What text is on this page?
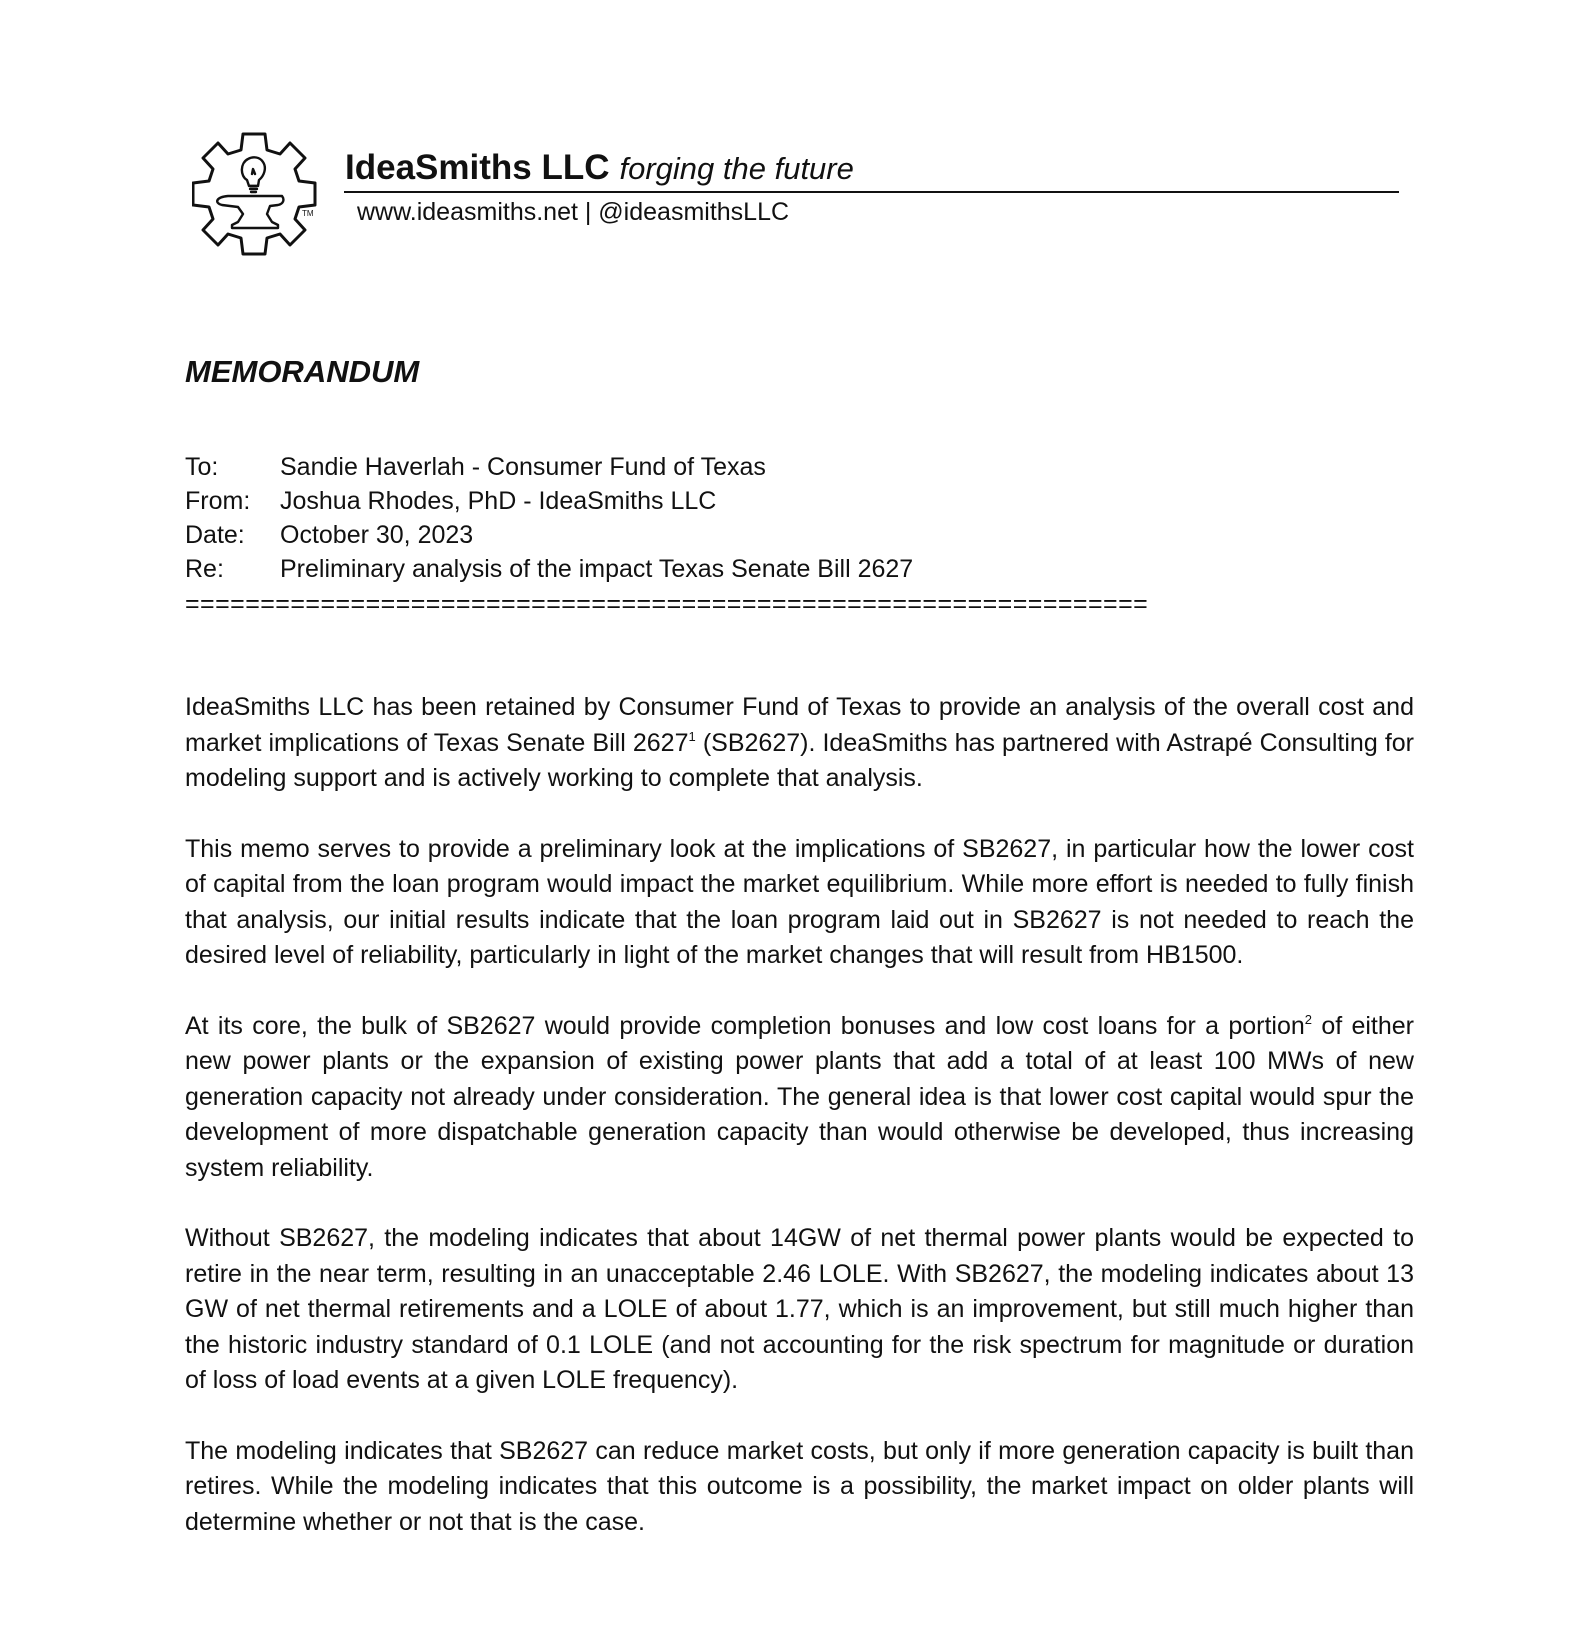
TM
IdeaSmiths LLC forging the future
www.ideasmiths.net | @ideasmithsLLC
MEMORANDUM
To:	Sandie Haverlah - Consumer Fund of Texas
From:	Joshua Rhodes, PhD - IdeaSmiths LLC
Date:	October 30, 2023
Re:	Preliminary analysis of the impact Texas Senate Bill 2627
================================================================

IdeaSmiths LLC has been retained by Consumer Fund of Texas to provide an analysis of the overall cost and market implications of Texas Senate Bill 2627$^1$ (SB2627). IdeaSmiths has partnered with Astrapé Consulting for modeling support and is actively working to complete that analysis.

This memo serves to provide a preliminary look at the implications of SB2627, in particular how the lower cost of capital from the loan program would impact the market equilibrium. While more effort is needed to fully finish that analysis, our initial results indicate that the loan program laid out in SB2627 is not needed to reach the desired level of reliability, particularly in light of the market changes that will result from HB1500.

At its core, the bulk of SB2627 would provide completion bonuses and low cost loans for a portion$^2$ of either new power plants or the expansion of existing power plants that add a total of at least 100 MWs of new generation capacity not already under consideration. The general idea is that lower cost capital would spur the development of more dispatchable generation capacity than would otherwise be developed, thus increasing system reliability.

Without SB2627, the modeling indicates that about 14GW of net thermal power plants would be expected to retire in the near term, resulting in an unacceptable 2.46 LOLE. With SB2627, the modeling indicates about 13 GW of net thermal retirements and a LOLE of about 1.77, which is an improvement, but still much higher than the historic industry standard of 0.1 LOLE (and not accounting for the risk spectrum for magnitude or duration of loss of load events at a given LOLE frequency).

The modeling indicates that SB2627 can reduce market costs, but only if more generation capacity is built than retires. While the modeling indicates that this outcome is a possibility, the market impact on older plants will determine whether or not that is the case.
